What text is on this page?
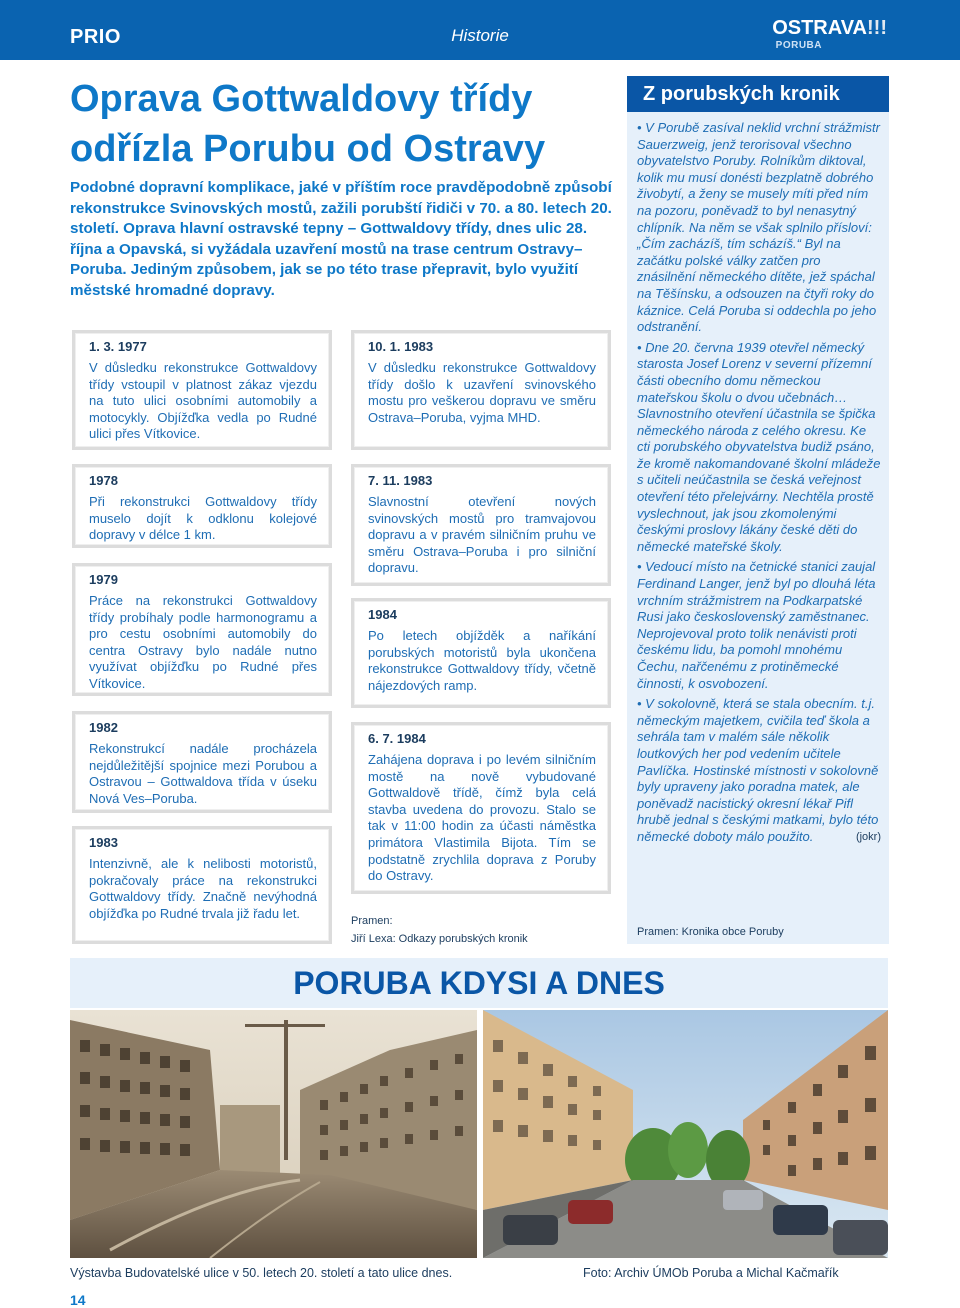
PRIO	Historie	OSTRAVA!!!
PORUBA
Oprava Gottwaldovy třídy odřízla Porubu od Ostravy

Podobné dopravní komplikace, jaké v příštím roce pravděpodobně způsobí rekonstrukce Svinovských mostů, zažili porubští řidiči v 70. a 80. letech 20. století. Oprava hlavní ostravské tepny – Gottwaldovy třídy, dnes ulic 28. října a Opavská, si vyžádala uzavření mostů na trase centrum Ostravy–Poruba. Jediným způsobem, jak se po této trase přepravit, bylo využití městské hromadné dopravy.

1. 3. 1977
V důsledku rekonstrukce Gottwaldovy třídy vstoupil v platnost zákaz vjezdu na tuto ulici osobními automobily a motocykly. Objížďka vedla po Rudné ulici přes Vítkovice.
1978
Při rekonstrukci Gottwaldovy třídy muselo dojít k odklonu kolejové dopravy v délce 1 km.
1979
Práce na rekonstrukci Gottwaldovy třídy probíhaly podle harmonogramu a pro cestu osobními automobily do centra Ostravy bylo nadále nutno využívat objížďku po Rudné přes Vítkovice.
1982
Rekonstrukcí nadále procházela nejdůležitější spojnice mezi Porubou a Ostravou – Gottwaldova třída v úseku Nová Ves–Poruba.
1983
Intenzivně, ale k nelibosti motoristů, pokračovaly práce na rekonstrukci Gottwaldovy třídy. Značně nevýhodná objížďka po Rudné trvala již řadu let.
10. 1. 1983
V důsledku rekonstrukce Gottwaldovy třídy došlo k uzavření svinovského mostu pro veškerou dopravu ve směru Ostrava–Poruba, vyjma MHD.
7. 11. 1983
Slavnostní otevření nových svinovských mostů pro tramvajovou dopravu a v pravém silničním pruhu ve směru Ostrava–Poruba i pro silniční dopravu.
1984
Po letech objížděk a naříkání porubských motoristů byla ukončena rekonstrukce Gottwaldovy třídy, včetně nájezdových ramp.
6. 7. 1984
Zahájena doprava i po levém silničním mostě na nově vybudované Gottwaldově třídě, čímž byla celá stavba uvedena do provozu. Stalo se tak v 11:00 hodin za účasti náměstka primátora Vlastimila Bijota. Tím se podstatně zrychlila doprava z Poruby do Ostravy.
Pramen:
Jiří Lexa: Odkazy porubských kronik
Z porubských kronik

• V Porubě zasíval neklid vrchní strážmistr Sauerzweig, jenž terorisoval všechno obyvatelstvo Poruby. Rolníkům diktoval, kolik mu musí donésti bezplatně dobrého živobytí, a ženy se musely míti před ním na pozoru, poněvadž to byl nenasytný chlípník. Na něm se však splnilo přísloví: „Čím zacházíš, tím scházíš.“ Byl na začátku polské války zatčen pro znásilnění německého dítěte, jež spáchal na Těšínsku, a odsouzen na čtyři roky do káznice. Celá Poruba si oddechla po jeho odstranění.

• Dne 20. června 1939 otevřel německý starosta Josef Lorenz v severní přízemní části obecního domu německou mateřskou školu o dvou učebnách… Slavnostního otevření účastnila se špička německého národa z celého okresu. Ke cti porubského obyvatelstva budiž psáno, že kromě nakomandované školní mládeže s učiteli neúčastnila se česká veřejnost otevření této přelejvárny. Nechtěla prostě vyslechnout, jak jsou zkomolenými českými proslovy lákány české děti do německé mateřské školy.

• Vedoucí místo na četnické stanici zaujal Ferdinand Langer, jenž byl po dlouhá léta vrchním strážmistrem na Podkarpatské Rusi jako československý zaměstnanec. Neprojevoval proto tolik nenávisti proti českému lidu, ba pomohl mnohému Čechu, nařčenému z protiněmecké činnosti, k osvobození.

• V sokolovně, která se stala obecním. t.j. německým majetkem, cvičila teď škola a sehrála tam v malém sále několik loutkových her pod vedením učitele Pavlíčka. Hostinské místnosti v sokolovně byly upraveny jako poradna matek, ale poněvadž nacistický okresní lékař Pifl hrubě jednal s českými matkami, bylo této německé doboty málo použito.	(jokr)

Pramen: Kronika obce Poruby
PORUBA KDYSI A DNES
Výstavba Budovatelské ulice v 50. letech 20. století a tato ulice dnes.	Foto: Archiv ÚMOb Poruba a Michal Kačmařík
14
